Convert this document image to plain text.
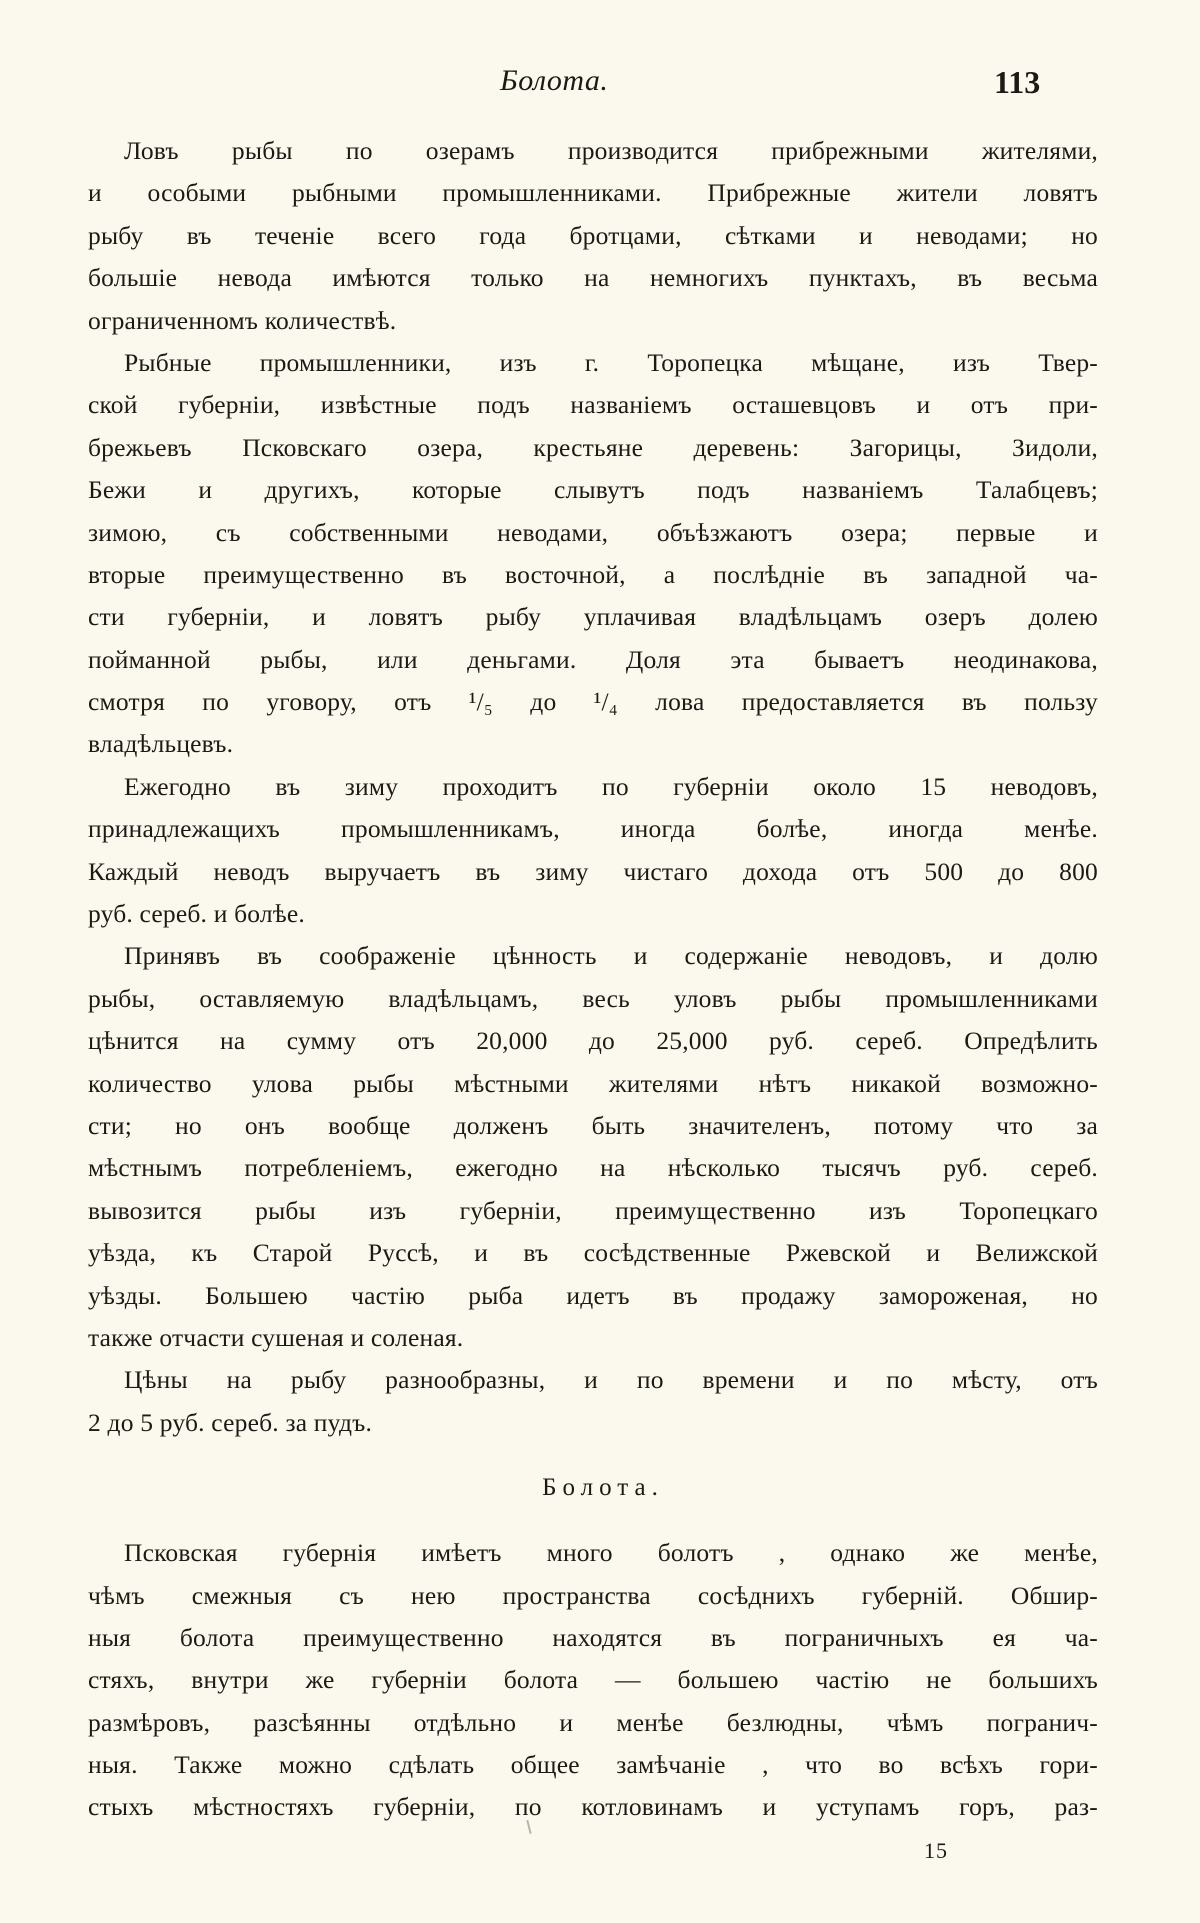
Болота.	113
Ловъ рыбы по озерамъ производится прибрежными жителями,
и особыми рыбными промышленниками. Прибрежные жители ловятъ
рыбу въ теченіе всего года бротцами, сѣтками и неводами; но
большіе невода имѣются только на немногихъ пунктахъ, въ весьма
ограниченномъ количествѣ.
Рыбные промышленники, изъ г. Торопецка мѣщане, изъ Твер-
ской губерніи, извѣстные подъ названіемъ осташевцовъ и отъ при-
брежьевъ Псковскаго озера, крестьяне деревень: Загорицы, Зидоли,
Бежи и другихъ, которые слывутъ подъ названіемъ Талабцевъ;
зимою, съ собственными неводами, объѣзжаютъ озера; первые и
вторые преимущественно въ восточной, а послѣдніе въ западной ча-
сти губерніи, и ловятъ рыбу уплачивая владѣльцамъ озеръ долею
пойманной рыбы, или деньгами. Доля эта бываетъ неодинакова,
смотря по уговору, отъ ¹/₅ до ¹/₄ лова предоставляется въ пользу
владѣльцевъ.
Ежегодно въ зиму проходитъ по губерніи около 15 неводовъ,
принадлежащихъ промышленникамъ, иногда болѣе, иногда менѣе.
Каждый неводъ выручаетъ въ зиму чистаго дохода отъ 500 до 800
руб. сереб. и болѣе.
Принявъ въ соображеніе цѣнность и содержаніе неводовъ, и долю
рыбы, оставляемую владѣльцамъ, весь уловъ рыбы промышленниками
цѣнится на сумму отъ 20,000 до 25,000 руб. сереб. Опредѣлить
количество улова рыбы мѣстными жителями нѣтъ никакой возможно-
сти; но онъ вообще долженъ быть значителенъ, потому что за
мѣстнымъ потребленіемъ, ежегодно на нѣсколько тысячъ руб. сереб.
вывозится рыбы изъ губерніи, преимущественно изъ Торопецкаго
уѣзда, къ Старой Руссѣ, и въ сосѣдственные Ржевской и Велижской
уѣзды. Большею частію рыба идетъ въ продажу замороженая, но
также отчасти сушеная и соленая.
Цѣны на рыбу разнообразны, и по времени и по мѣсту, отъ
2 до 5 руб. сереб. за пудъ.
Болота.
Псковская губернія имѣетъ много болотъ , однако же менѣе,
чѣмъ смежныя съ нею пространства сосѣднихъ губерній. Обшир-
ныя болота преимущественно находятся въ пограничныхъ ея ча-
стяхъ, внутри же губерніи болота — большею частію не большихъ
размѣровъ, разсѣянны отдѣльно и менѣе безлюдны, чѣмъ погранич-
ныя. Также можно сдѣлать общее замѣчаніе , что во всѣхъ гори-
стыхъ мѣстностяхъ губерніи, по котловинамъ и уступамъ горъ, раз-
15
